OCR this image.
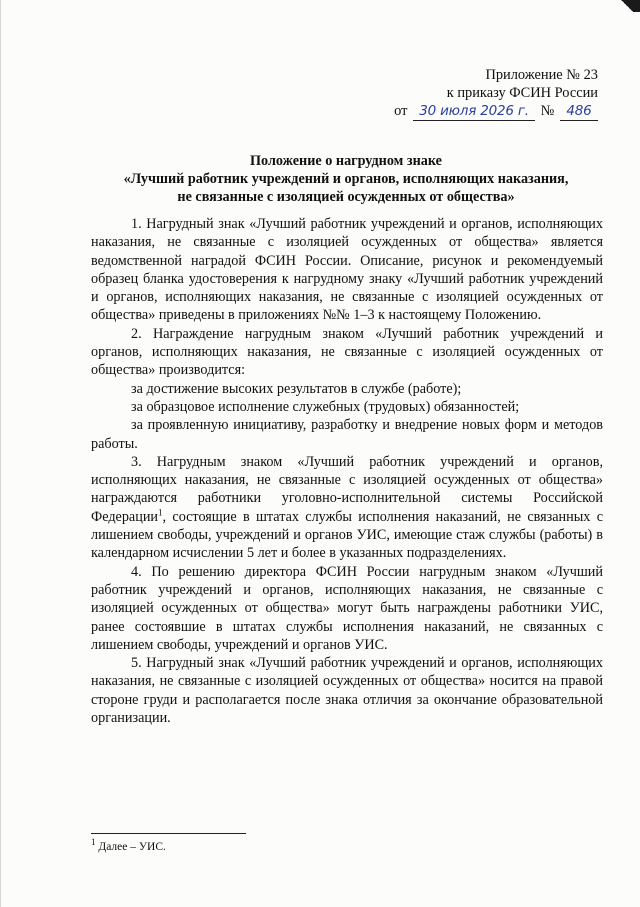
Приложение № 23
к приказу ФСИН России
от 30 июля 2026 г. № 486
Положение о нагрудном знаке
«Лучший работник учреждений и органов, исполняющих наказания,
не связанные с изоляцией осужденных от общества»

1. Нагрудный знак «Лучший работник учреждений и органов, исполняющих наказания, не связанные с изоляцией осужденных от общества» является ведомственной наградой ФСИН России. Описание, рисунок и рекомендуемый образец бланка удостоверения к нагрудному знаку «Лучший работник учреждений и органов, исполняющих наказания, не связанные с изоляцией осужденных от общества» приведены в приложениях №№ 1–3 к настоящему Положению.

2. Награждение нагрудным знаком «Лучший работник учреждений и органов, исполняющих наказания, не связанные с изоляцией осужденных от общества» производится:

за достижение высоких результатов в службе (работе);

за образцовое исполнение служебных (трудовых) обязанностей;

за проявленную инициативу, разработку и внедрение новых форм и методов работы.

3. Нагрудным знаком «Лучший работник учреждений и органов, исполняющих наказания, не связанные с изоляцией осужденных от общества» награждаются работники уголовно-исполнительной системы Российской Федерации$^1$, состоящие в штатах службы исполнения наказаний, не связанных с лишением свободы, учреждений и органов УИС, имеющие стаж службы (работы) в календарном исчислении 5 лет и более в указанных подразделениях.

4. По решению директора ФСИН России нагрудным знаком «Лучший работник учреждений и органов, исполняющих наказания, не связанные с изоляцией осужденных от общества» могут быть награждены работники УИС, ранее состоявшие в штатах службы исполнения наказаний, не связанных с лишением свободы, учреждений и органов УИС.

5. Нагрудный знак «Лучший работник учреждений и органов, исполняющих наказания, не связанные с изоляцией осужденных от общества» носится на правой стороне груди и располагается после знака отличия за окончание образовательной организации.

$^1$ Далее – УИС.
